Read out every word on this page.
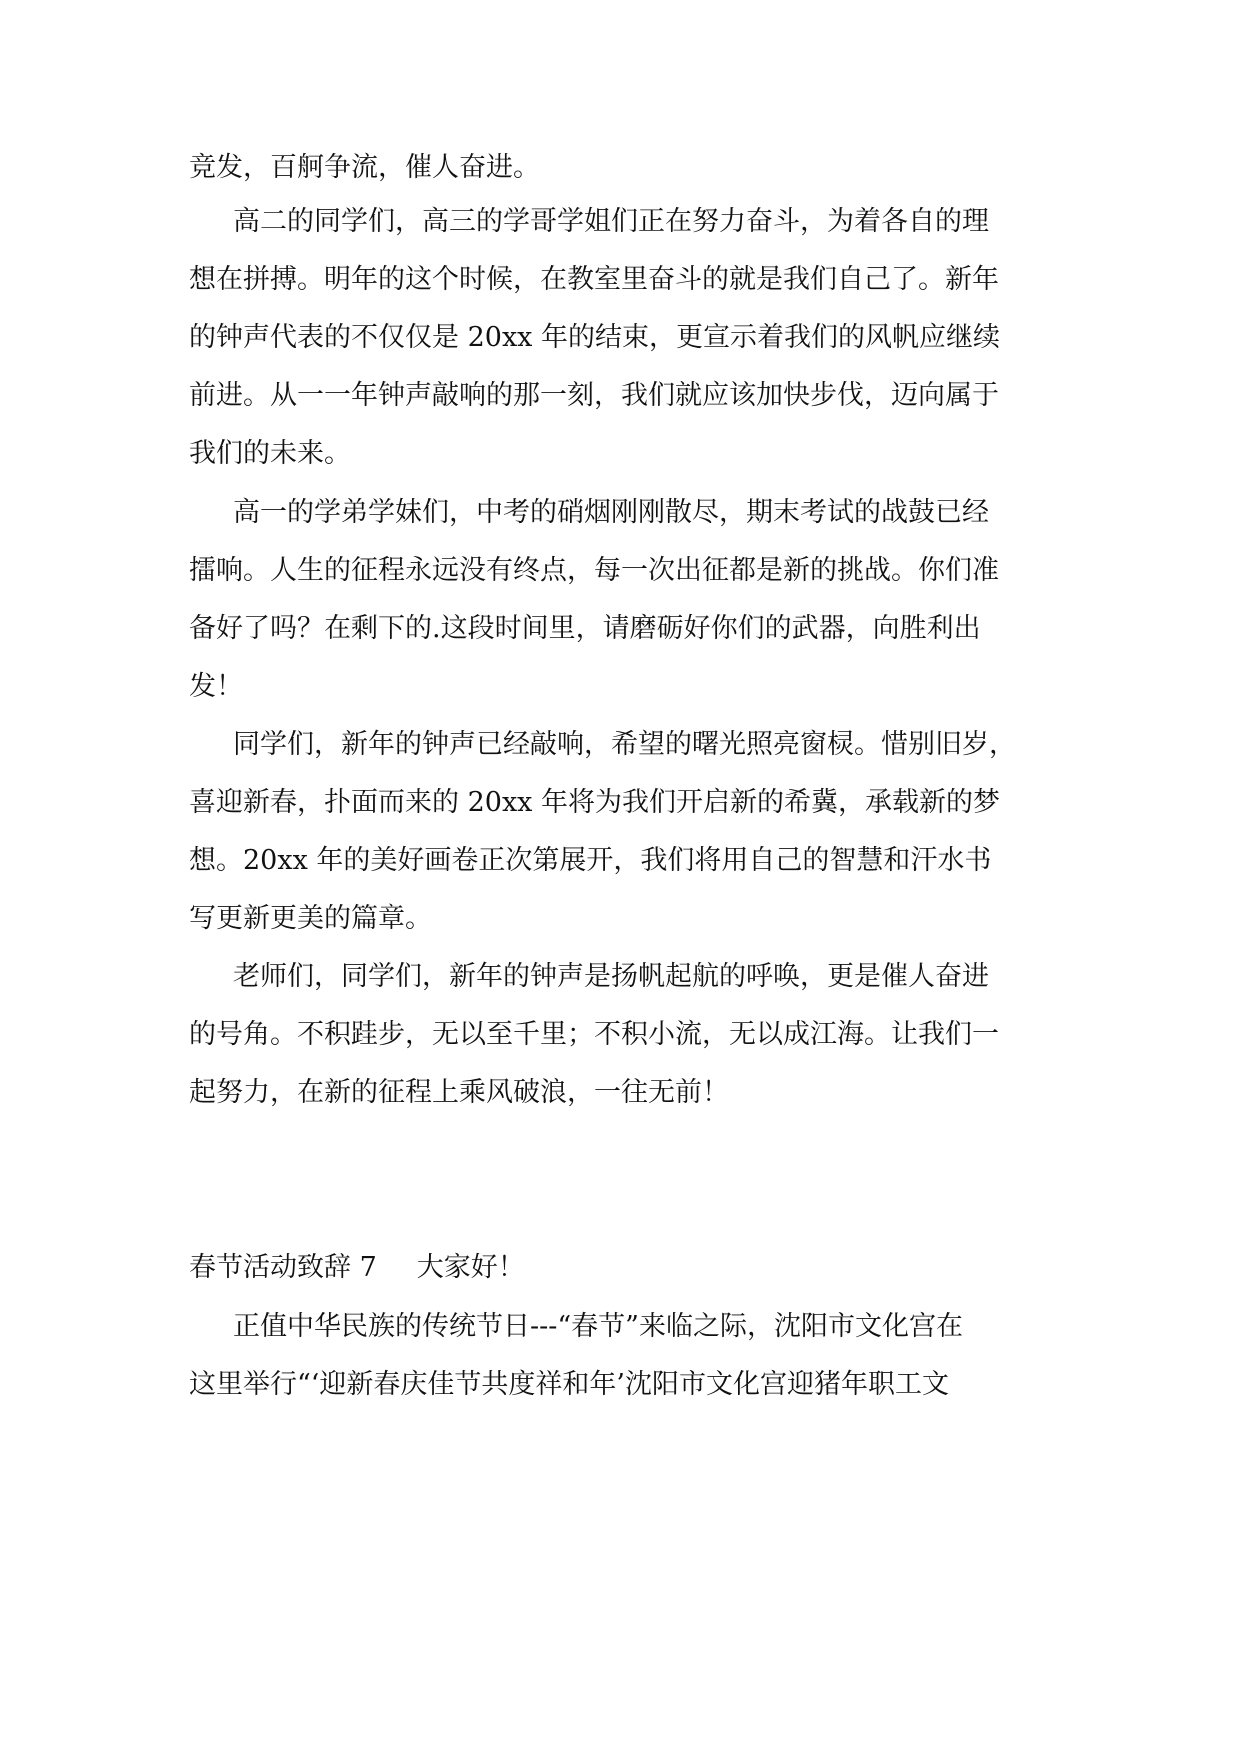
竞发，百舸争流，催人奋进。
高二的同学们，高三的学哥学姐们正在努力奋斗，为着各自的理
想在拼搏。明年的这个时候，在教室里奋斗的就是我们自己了。新年
的钟声代表的不仅仅是 20xx 年的结束，更宣示着我们的风帆应继续
前进。从一一年钟声敲响的那一刻，我们就应该加快步伐，迈向属于
我们的未来。
高一的学弟学妹们，中考的硝烟刚刚散尽，期末考试的战鼓已经
擂响。人生的征程永远没有终点，每一次出征都是新的挑战。你们准
备好了吗？在剩下的.这段时间里，请磨砺好你们的武器，向胜利出
发！
同学们，新年的钟声已经敲响，希望的曙光照亮窗棂。惜别旧岁，
喜迎新春，扑面而来的 20xx 年将为我们开启新的希冀，承载新的梦
想。20xx 年的美好画卷正次第展开，我们将用自己的智慧和汗水书
写更新更美的篇章。
老师们，同学们，新年的钟声是扬帆起航的呼唤，更是催人奋进
的号角。不积跬步，无以至千里；不积小流，无以成江海。让我们一
起努力，在新的征程上乘风破浪，一往无前！
春节活动致辞 7 大家好！
正值中华民族的传统节日---“春节”来临之际，沈阳市文化宫在
这里举行“‘迎新春庆佳节共度祥和年’沈阳市文化宫迎猪年职工文
